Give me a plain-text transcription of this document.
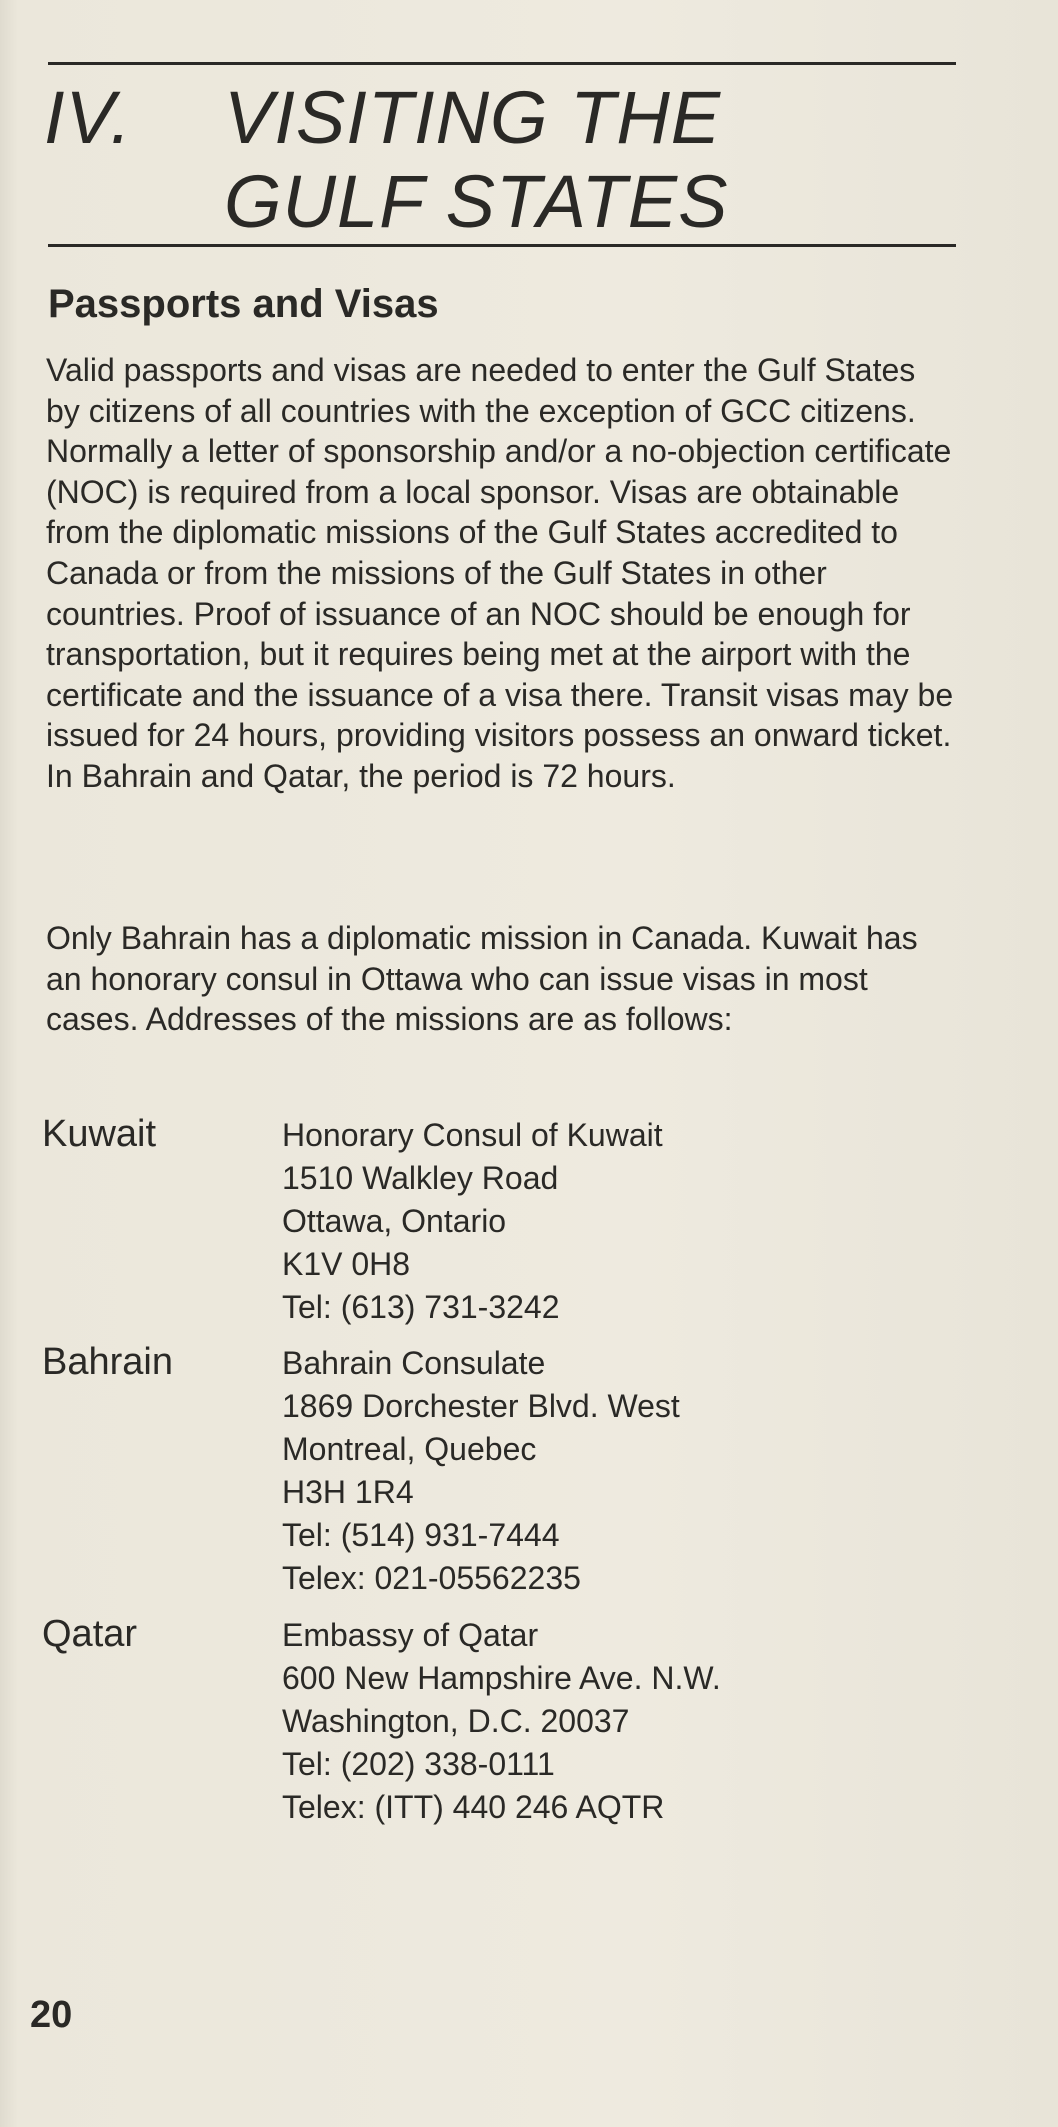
IV. VISITING THE
GULF STATES
Passports and Visas

Valid passports and visas are needed to enter the Gulf States by citizens of all countries with the exception of GCC citizens. Normally a letter of sponsorship and/or a no-objection certificate (NOC) is required from a local sponsor. Visas are obtainable from the diplomatic missions of the Gulf States accredited to Canada or from the missions of the Gulf States in other countries. Proof of issuance of an NOC should be enough for transportation, but it requires being met at the airport with the certificate and the issuance of a visa there. Transit visas may be issued for 24 hours, providing visitors possess an onward ticket. In Bahrain and Qatar, the period is 72 hours.

Only Bahrain has a diplomatic mission in Canada. Kuwait has an honorary consul in Ottawa who can issue visas in most cases. Addresses of the missions are as follows:

Kuwait	Honorary Consul of Kuwait
1510 Walkley Road
Ottawa, Ontario
K1V 0H8
Tel: (613) 731-3242
Bahrain	Bahrain Consulate
1869 Dorchester Blvd. West
Montreal, Quebec
H3H 1R4
Tel: (514) 931-7444
Telex: 021-05562235
Qatar	Embassy of Qatar
600 New Hampshire Ave. N.W.
Washington, D.C. 20037
Tel: (202) 338-0111
Telex: (ITT) 440 246 AQTR
20
